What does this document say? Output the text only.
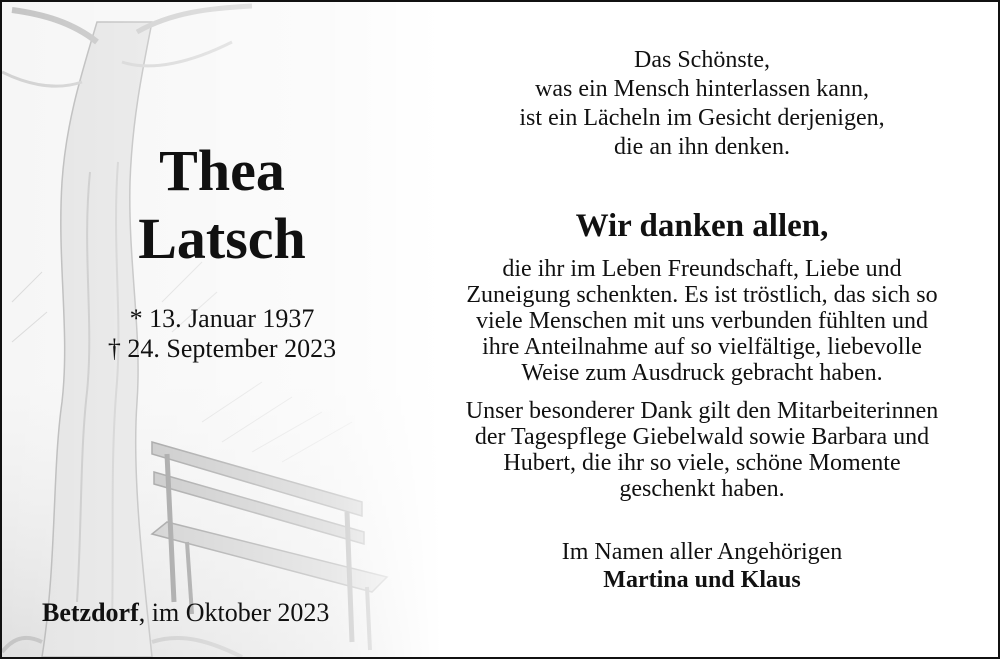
Thea
Latsch
* 13. Januar 1937
† 24. September 2023
Betzdorf, im Oktober 2023
Das Schönste,
was ein Mensch hinterlassen kann,
ist ein Lächeln im Gesicht derjenigen,
die an ihn denken.
Wir danken allen,
die ihr im Leben Freundschaft, Liebe und
Zuneigung schenkten. Es ist tröstlich, das sich so
viele Menschen mit uns verbunden fühlten und
ihre Anteilnahme auf so vielfältige, liebevolle
Weise zum Ausdruck gebracht haben.
Unser besonderer Dank gilt den Mitarbeiterinnen
der Tagespflege Giebelwald sowie Barbara und
Hubert, die ihr so viele, schöne Momente
geschenkt haben.
Im Namen aller Angehörigen
Martina und Klaus
